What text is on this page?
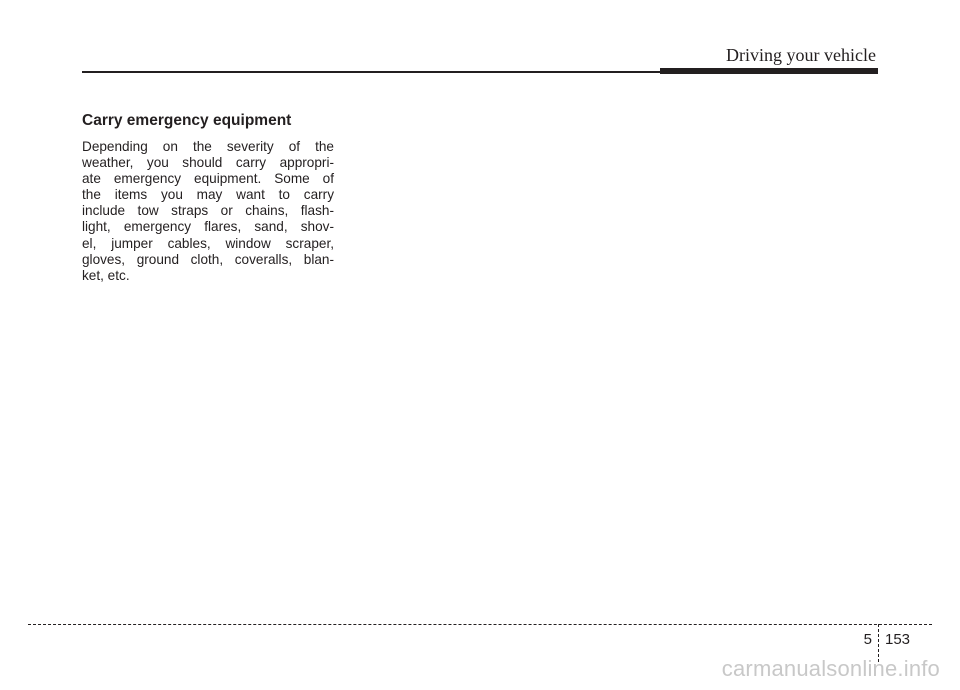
Driving your vehicle
Carry emergency equipment

Depending on the severity of the
weather, you should carry appropri-
ate emergency equipment. Some of
the items you may want to carry
include tow straps or chains, flash-
light, emergency flares, sand, shov-
el, jumper cables, window scraper,
gloves, ground cloth, coveralls, blan-
ket, etc.

5 153
carmanualsonline.info
